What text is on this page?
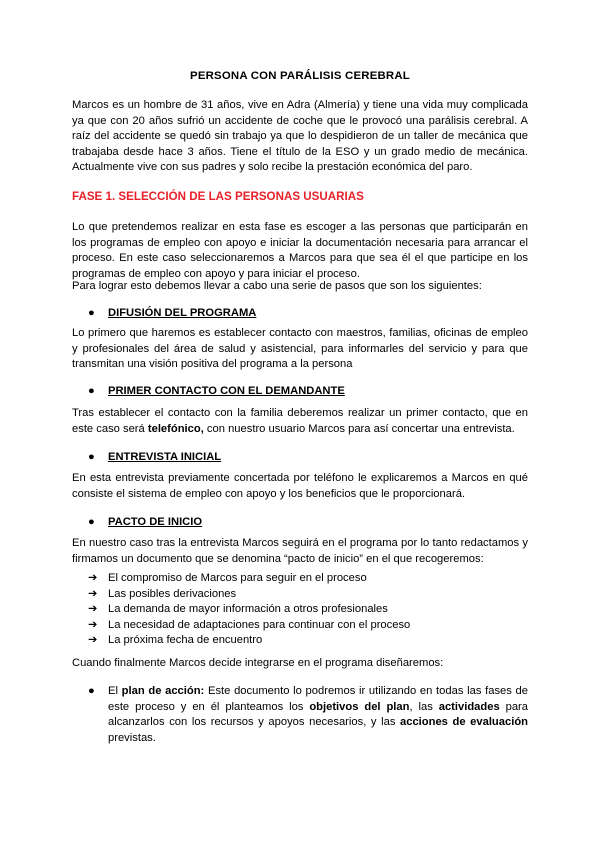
PERSONA CON PARÁLISIS CEREBRAL
Marcos es un hombre de 31 años, vive en Adra (Almería) y tiene una vida muy complicada ya que con 20 años sufrió un accidente de coche que le provocó una parálisis cerebral. A raíz del accidente se quedó sin trabajo ya que lo despidieron de un taller de mecánica que trabajaba desde hace 3 años. Tiene el título de la ESO y un grado medio de mecánica. Actualmente vive con sus padres y solo recibe la prestación económica del paro.
FASE 1. SELECCIÓN DE LAS PERSONAS USUARIAS
Lo que pretendemos realizar en esta fase es escoger a las personas que participarán en los programas de empleo con apoyo e iniciar la documentación necesaria para arrancar el proceso. En este caso seleccionaremos a Marcos para que sea él el que participe en los programas de empleo con apoyo y para iniciar el proceso.
Para lograr esto debemos llevar a cabo una serie de pasos que son los siguientes:
● DIFUSIÓN DEL PROGRAMA
Lo primero que haremos es establecer contacto con maestros, familias, oficinas de empleo y profesionales del área de salud y asistencial, para informarles del servicio y para que transmitan una visión positiva del programa a la persona
● PRIMER CONTACTO CON EL DEMANDANTE
Tras establecer el contacto con la familia deberemos realizar un primer contacto, que en este caso será telefónico, con nuestro usuario Marcos para así concertar una entrevista.
● ENTREVISTA INICIAL
En esta entrevista previamente concertada por teléfono le explicaremos a Marcos en qué consiste el sistema de empleo con apoyo y los beneficios que le proporcionará.
● PACTO DE INICIO
En nuestro caso tras la entrevista Marcos seguirá en el programa por lo tanto redactamos y firmamos un documento que se denomina “pacto de inicio” en el que recogeremos:
➔ El compromiso de Marcos para seguir en el proceso
➔ Las posibles derivaciones
➔ La demanda de mayor información a otros profesionales
➔ La necesidad de adaptaciones para continuar con el proceso
➔ La próxima fecha de encuentro
Cuando finalmente Marcos decide integrarse en el programa diseñaremos:
● El plan de acción: Este documento lo podremos ir utilizando en todas las fases de este proceso y en él planteamos los objetivos del plan, las actividades para alcanzarlos con los recursos y apoyos necesarios, y las acciones de evaluación previstas.
